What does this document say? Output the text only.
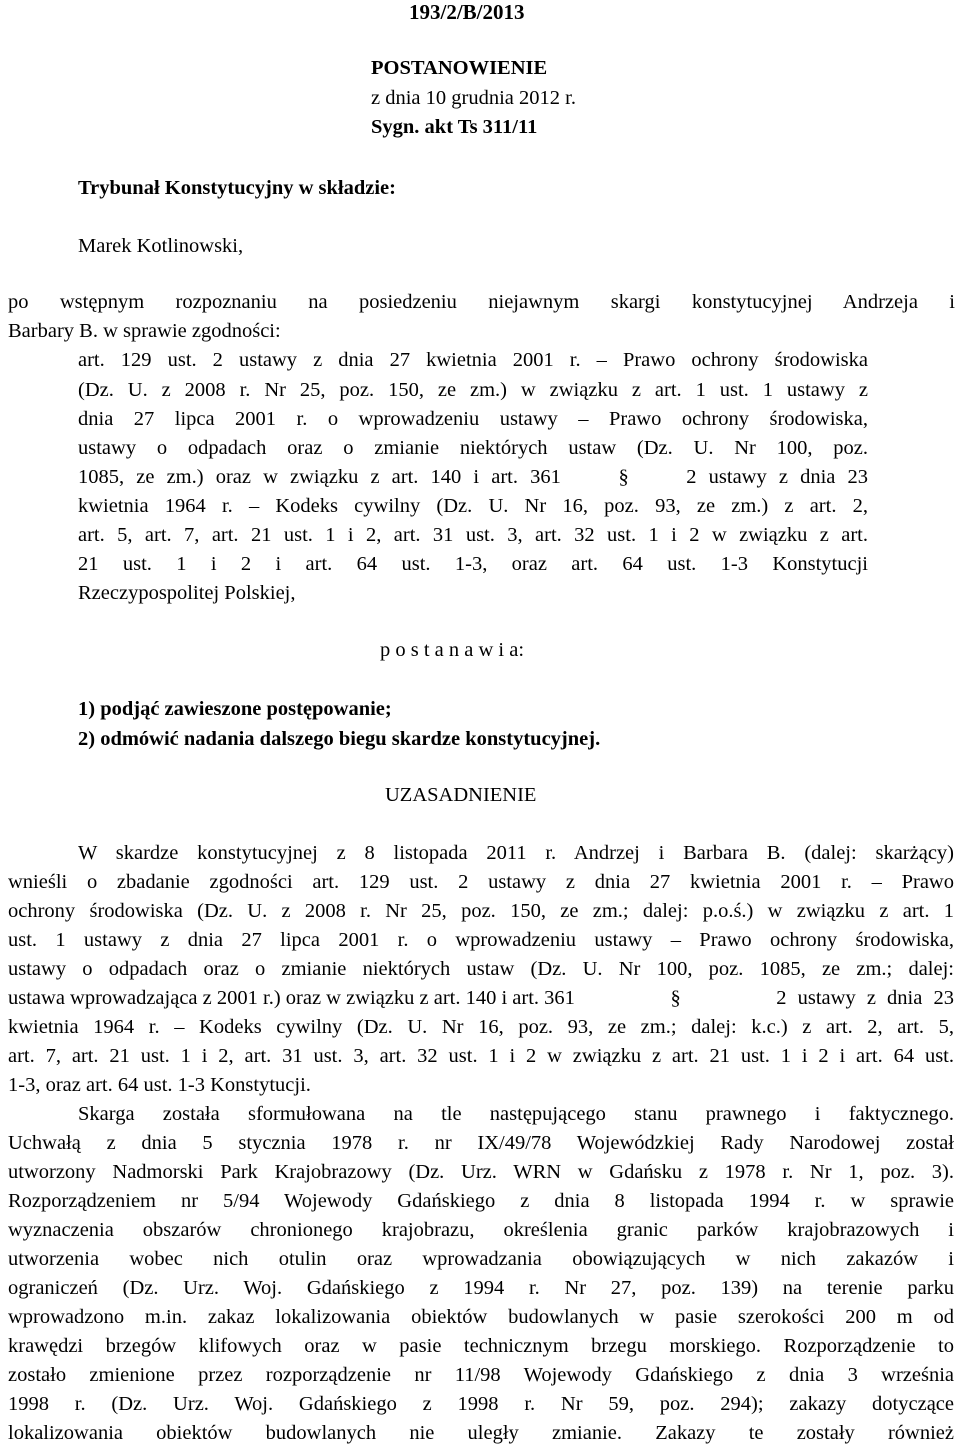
193/2/B/2013
POSTANOWIENIE
z dnia 10 grudnia 2012 r.
Sygn. akt Ts 311/11
Trybunał Konstytucyjny w składzie:
Marek Kotlinowski,
po wstępnym rozpoznaniu na posiedzeniu niejawnym skargi konstytucyjnej Andrzeja i
Barbary B. w sprawie zgodności:
art. 129 ust. 2 ustawy z dnia 27 kwietnia 2001 r. – Prawo ochrony środowiska
(Dz. U. z 2008 r. Nr 25, poz. 150, ze zm.) w związku z art. 1 ust. 1 ustawy z
dnia 27 lipca 2001 r. o wprowadzeniu ustawy – Prawo ochrony środowiska,
ustawy o odpadach oraz o zmianie niektórych ustaw (Dz. U. Nr 100, poz.
1085, ze zm.) oraz w związku z art. 140 i art. 361	§	2 ustawy z dnia 23
kwietnia 1964 r. – Kodeks cywilny (Dz. U. Nr 16, poz. 93, ze zm.) z art. 2,
art. 5, art. 7, art. 21 ust. 1 i 2, art. 31 ust. 3, art. 32 ust. 1 i 2 w związku z art.
21 ust. 1 i 2 i art. 64 ust. 1-3, oraz art. 64 ust. 1-3 Konstytucji
Rzeczypospolitej Polskiej,
p o s t a n a w i a:
1) podjąć zawieszone postępowanie;
2) odmówić nadania dalszego biegu skardze konstytucyjnej.
UZASADNIENIE
W skardze konstytucyjnej z 8 listopada 2011 r. Andrzej i Barbara B. (dalej: skarżący)
wnieśli o zbadanie zgodności art. 129 ust. 2 ustawy z dnia 27 kwietnia 2001 r. – Prawo
ochrony środowiska (Dz. U. z 2008 r. Nr 25, poz. 150, ze zm.; dalej: p.o.ś.) w związku z art. 1
ust. 1 ustawy z dnia 27 lipca 2001 r. o wprowadzeniu ustawy – Prawo ochrony środowiska,
ustawy o odpadach oraz o zmianie niektórych ustaw (Dz. U. Nr 100, poz. 1085, ze zm.; dalej:
ustawa wprowadzająca z 2001 r.) oraz w związku z art. 140 i art. 361	§	2 ustawy z dnia 23
kwietnia 1964 r. – Kodeks cywilny (Dz. U. Nr 16, poz. 93, ze zm.; dalej: k.c.) z art. 2, art. 5,
art. 7, art. 21 ust. 1 i 2, art. 31 ust. 3, art. 32 ust. 1 i 2 w związku z art. 21 ust. 1 i 2 i art. 64 ust.
1-3, oraz art. 64 ust. 1-3 Konstytucji.
Skarga została sformułowana na tle następującego stanu prawnego i faktycznego.
Uchwałą z dnia 5 stycznia 1978 r. nr IX/49/78 Wojewódzkiej Rady Narodowej został
utworzony Nadmorski Park Krajobrazowy (Dz. Urz. WRN w Gdańsku z 1978 r. Nr 1, poz. 3).
Rozporządzeniem nr 5/94 Wojewody Gdańskiego z dnia 8 listopada 1994 r. w sprawie
wyznaczenia obszarów chronionego krajobrazu, określenia granic parków krajobrazowych i
utworzenia wobec nich otulin oraz wprowadzania obowiązujących w nich zakazów i
ograniczeń (Dz. Urz. Woj. Gdańskiego z 1994 r. Nr 27, poz. 139) na terenie parku
wprowadzono m.in. zakaz lokalizowania obiektów budowlanych w pasie szerokości 200 m od
krawędzi brzegów klifowych oraz w pasie technicznym brzegu morskiego. Rozporządzenie to
zostało zmienione przez rozporządzenie nr 11/98 Wojewody Gdańskiego z dnia 3 września
1998 r. (Dz. Urz. Woj. Gdańskiego z 1998 r. Nr 59, poz. 294); zakazy dotyczące
lokalizowania obiektów budowlanych nie uległy zmianie. Zakazy te zostały również
